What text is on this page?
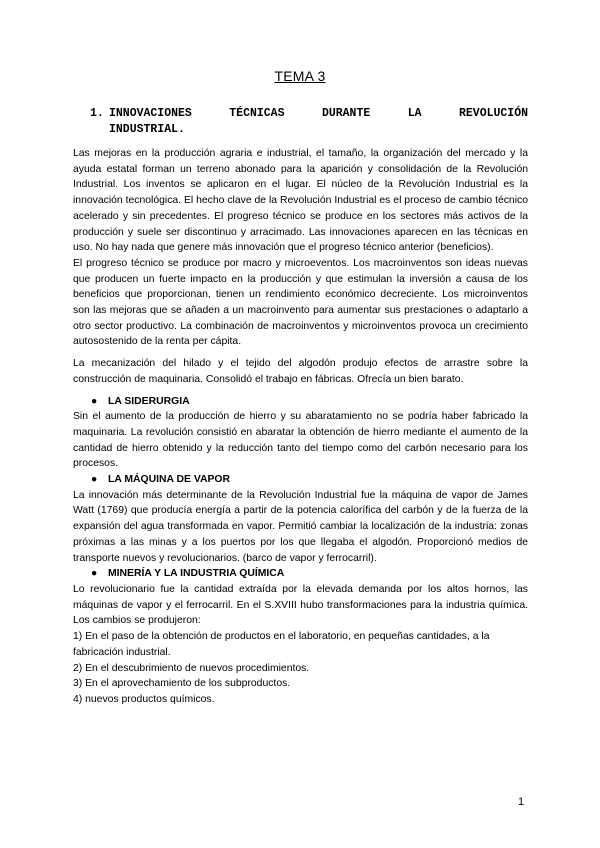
TEMA 3
1. INNOVACIONES TÉCNICAS DURANTE LA REVOLUCIÓN
INDUSTRIAL.

Las mejoras en la producción agraria e industrial, el tamaño, la organización del mercado y la ayuda estatal forman un terreno abonado para la aparición y consolidación de la Revolución Industrial. Los inventos se aplicaron en el lugar. El núcleo de la Revolución Industrial es la innovación tecnológica. El hecho clave de la Revolución Industrial es el proceso de cambio técnico acelerado y sin precedentes. El progreso técnico se produce en los sectores más activos de la producción y suele ser discontinuo y arracimado. Las innovaciones aparecen en las técnicas en uso. No hay nada que genere más innovación que el progreso técnico anterior (beneficios).

El progreso técnico se produce por macro y microeventos. Los macroinventos son ideas nuevas que producen un fuerte impacto en la producción y que estimulan la inversión a causa de los beneficios que proporcionan, tienen un rendimiento económico decreciente. Los microinventos son las mejoras que se añaden a un macroinvento para aumentar sus prestaciones o adaptarlo a otro sector productivo. La combinación de macroinventos y microinventos provoca un crecimiento autosostenido de la renta per cápita.

La mecanización del hilado y el tejido del algodón produjo efectos de arrastre sobre la construcción de maquinaria. Consolidó el trabajo en fábricas. Ofrecía un bien barato.

● LA SIDERURGIA

Sin el aumento de la producción de hierro y su abaratamiento no se podría haber fabricado la maquinaria. La revolución consistió en abaratar la obtención de hierro mediante el aumento de la cantidad de hierro obtenido y la reducción tanto del tiempo como del carbón necesario para los procesos.

● LA MÁQUINA DE VAPOR

La innovación más determinante de la Revolución Industrial fue la máquina de vapor de James Watt (1769) que producía energía a partir de la potencia calorífica del carbón y de la fuerza de la expansión del agua transformada en vapor. Permitió cambiar la localización de la industria: zonas próximas a las minas y a los puertos por los que llegaba el algodón. Proporcionó medios de transporte nuevos y revolucionarios. (barco de vapor y ferrocarril).

● MINERÍA Y LA INDUSTRIA QUÍMICA

Lo revolucionario fue la cantidad extraída por la elevada demanda por los altos hornos, las máquinas de vapor y el ferrocarril. En el S.XVIII hubo transformaciones para la industria química. Los cambios se produjeron:

1) En el paso de la obtención de productos en el laboratorio, en pequeñas cantidades, a la fabricación industrial.

2) En el descubrimiento de nuevos procedimientos.

3) En el aprovechamiento de los subproductos.

4) nuevos productos químicos.

1
